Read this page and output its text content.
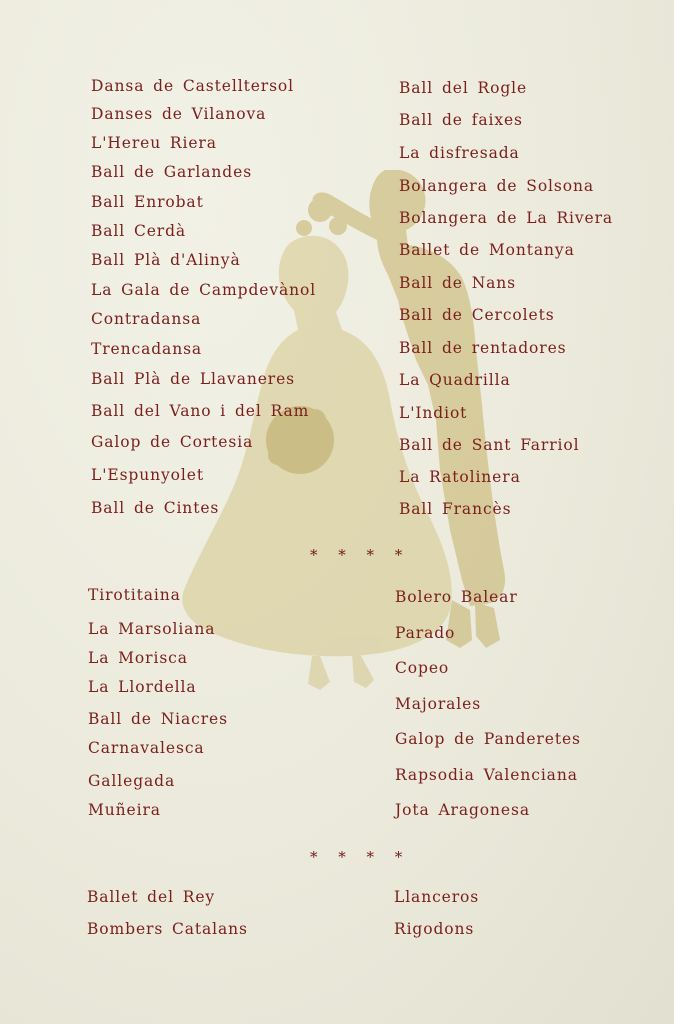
Dansa de Castelltersol
Danses de Vilanova
L'Hereu Riera
Ball de Garlandes
Ball Enrobat
Ball Cerdà
Ball Plà d'Alinyà
La Gala de Campdevànol
Contradansa
Trencadansa
Ball Plà de Llavaneres
Ball del Vano i del Ram
Galop de Cortesia
L'Espunyolet
Ball de Cintes
Ball del Rogle
Ball de faixes
La disfresada
Bolangera de Solsona
Bolangera de La Rivera
Ballet de Montanya
Ball de Nans
Ball de Cercolets
Ball de rentadores
La Quadrilla
L'Indiot
Ball de Sant Farriol
La Ratolinera
Ball Francès
* * * *
Tirotitaina
La Marsoliana
La Morisca
La Llordella
Ball de Niacres
Carnavalesca
Gallegada
Muñeira
Bolero Balear
Parado
Copeo
Majorales
Galop de Panderetes
Rapsodia Valenciana
Jota Aragonesa
* * * *
Ballet del Rey
Bombers Catalans
Llanceros
Rigodons
